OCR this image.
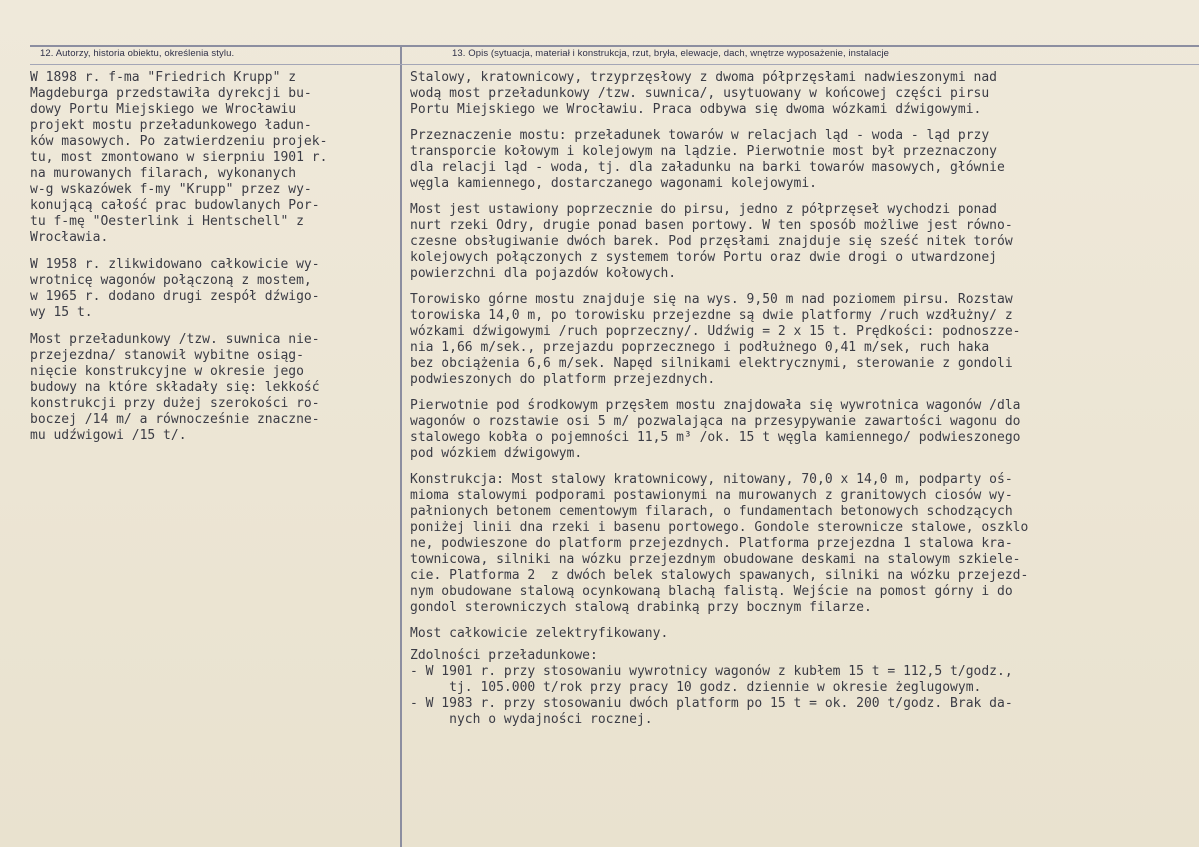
12. Autorzy, historia obiektu, określenia stylu.	13. Opis (sytuacja, materiał i konstrukcja, rzut, bryła, elewacje, dach, wnętrze wyposażenie, instalacje
W 1898 r. f-ma "Friedrich Krupp" z
Magdeburga przedstawiła dyrekcji bu-
dowy Portu Miejskiego we Wrocławiu
projekt mostu przeładunkowego ładun-
ków masowych. Po zatwierdzeniu projek-
tu, most zmontowano w sierpniu 1901 r.
na murowanych filarach, wykonanych
w-g wskazówek f-my "Krupp" przez wy-
konującą całość prac budowlanych Por-
tu f-mę "Oesterlink i Hentschell" z
Wrocławia.
W 1958 r. zlikwidowano całkowicie wy-
wrotnicę wagonów połączoną z mostem,
w 1965 r. dodano drugi zespół dźwigo-
wy 15 t.
Most przeładunkowy /tzw. suwnica nie-
przejezdna/ stanowił wybitne osiąg-
nięcie konstrukcyjne w okresie jego
budowy na które składały się: lekkość
konstrukcji przy dużej szerokości ro-
boczej /14 m/ a równocześnie znaczne-
mu udźwigowi /15 t/.
Stalowy, kratownicowy, trzyprzęsłowy z dwoma półprzęsłami nadwieszonymi nad
wodą most przeładunkowy /tzw. suwnica/, usytuowany w końcowej części pirsu
Portu Miejskiego we Wrocławiu. Praca odbywa się dwoma wózkami dźwigowymi.
Przeznaczenie mostu: przeładunek towarów w relacjach ląd - woda - ląd przy
transporcie kołowym i kolejowym na lądzie. Pierwotnie most był przeznaczony
dla relacji ląd - woda, tj. dla załadunku na barki towarów masowych, głównie
węgla kamiennego, dostarczanego wagonami kolejowymi.
Most jest ustawiony poprzecznie do pirsu, jedno z półprzęseł wychodzi ponad
nurt rzeki Odry, drugie ponad basen portowy. W ten sposób możliwe jest równo-
czesne obsługiwanie dwóch barek. Pod przęsłami znajduje się sześć nitek torów
kolejowych połączonych z systemem torów Portu oraz dwie drogi o utwardzonej
powierzchni dla pojazdów kołowych.
Torowisko górne mostu znajduje się na wys. 9,50 m nad poziomem pirsu. Rozstaw
torowiska 14,0 m, po torowisku przejezdne są dwie platformy /ruch wzdłużny/ z
wózkami dźwigowymi /ruch poprzeczny/. Udźwig = 2 x 15 t. Prędkości: podnoszze-
nia 1,66 m/sek., przejazdu poprzecznego i podłużnego 0,41 m/sek, ruch haka
bez obciążenia 6,6 m/sek. Napęd silnikami elektrycznymi, sterowanie z gondoli
podwieszonych do platform przejezdnych.
Pierwotnie pod środkowym przęsłem mostu znajdowała się wywrotnica wagonów /dla
wagonów o rozstawie osi 5 m/ pozwalająca na przesypywanie zawartości wagonu do
stalowego kobła o pojemności 11,5 m³ /ok. 15 t węgla kamiennego/ podwieszonego
pod wózkiem dźwigowym.
Konstrukcja: Most stalowy kratownicowy, nitowany, 70,0 x 14,0 m, podparty oś-
mioma stalowymi podporami postawionymi na murowanych z granitowych ciosów wy-
pałnionych betonem cementowym filarach, o fundamentach betonowych schodzących
poniżej linii dna rzeki i basenu portowego. Gondole sterownicze stalowe, oszklo
ne, podwieszone do platform przejezdnych. Platforma przejezdna 1 stalowa kra-
townicowa, silniki na wózku przejezdnym obudowane deskami na stalowym szkiele-
cie. Platforma 2  z dwóch belek stalowych spawanych, silniki na wózku przejezd-
nym obudowane stalową ocynkowaną blachą falistą. Wejście na pomost górny i do
gondol sterowniczych stalową drabinką przy bocznym filarze.
Most całkowicie zelektryfikowany.
Zdolności przeładunkowe:
- W 1901 r. przy stosowaniu wywrotnicy wagonów z kubłem 15 t = 112,5 t/godz.,
tj. 105.000 t/rok przy pracy 10 godz. dziennie w okresie żeglugowym.
- W 1983 r. przy stosowaniu dwóch platform po 15 t = ok. 200 t/godz. Brak da-
nych o wydajności rocznej.
